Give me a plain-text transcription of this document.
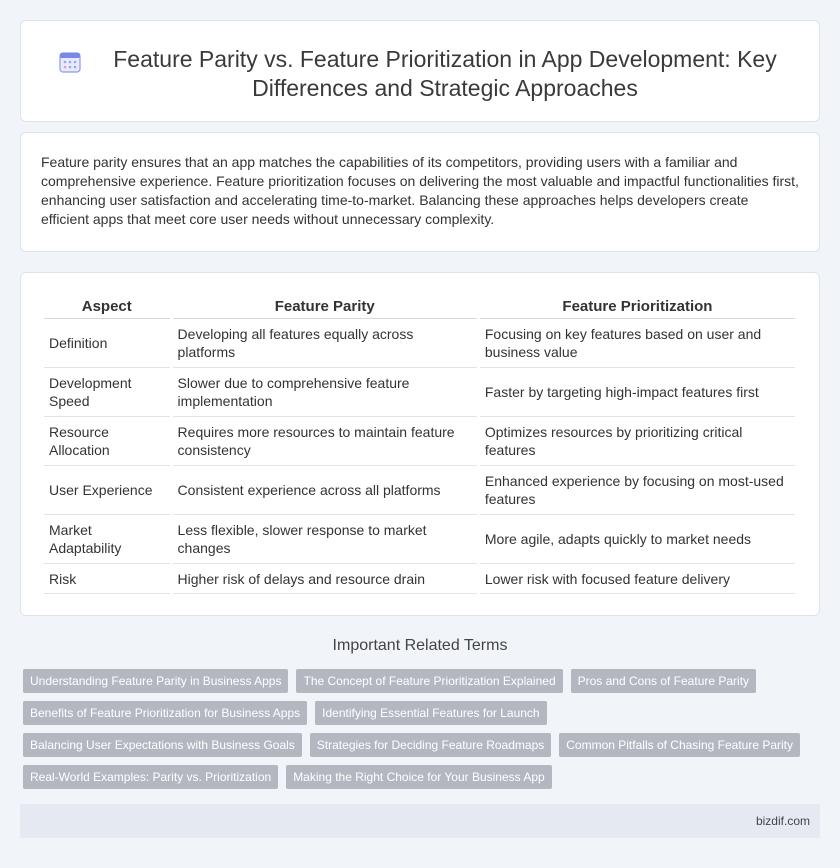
Feature Parity vs. Feature Prioritization in App Development: Key Differences and Strategic Approaches

Feature parity ensures that an app matches the capabilities of its competitors, providing users with a familiar and comprehensive experience. Feature prioritization focuses on delivering the most valuable and impactful functionalities first, enhancing user satisfaction and accelerating time-to-market. Balancing these approaches helps developers create efficient apps that meet core user needs without unnecessary complexity.

Aspect	Feature Parity	Feature Prioritization
Definition	Developing all features equally across platforms	Focusing on key features based on user and business value
Development Speed	Slower due to comprehensive feature implementation	Faster by targeting high-impact features first
Resource Allocation	Requires more resources to maintain feature consistency	Optimizes resources by prioritizing critical features
User Experience	Consistent experience across all platforms	Enhanced experience by focusing on most-used features
Market Adaptability	Less flexible, slower response to market changes	More agile, adapts quickly to market needs
Risk	Higher risk of delays and resource drain	Lower risk with focused feature delivery
Important Related Terms
Understanding Feature Parity in Business Apps	The Concept of Feature Prioritization Explained	Pros and Cons of Feature Parity
Benefits of Feature Prioritization for Business Apps	Identifying Essential Features for Launch
Balancing User Expectations with Business Goals	Strategies for Deciding Feature Roadmaps	Common Pitfalls of Chasing Feature Parity
Real-World Examples: Parity vs. Prioritization	Making the Right Choice for Your Business App
bizdif.com
